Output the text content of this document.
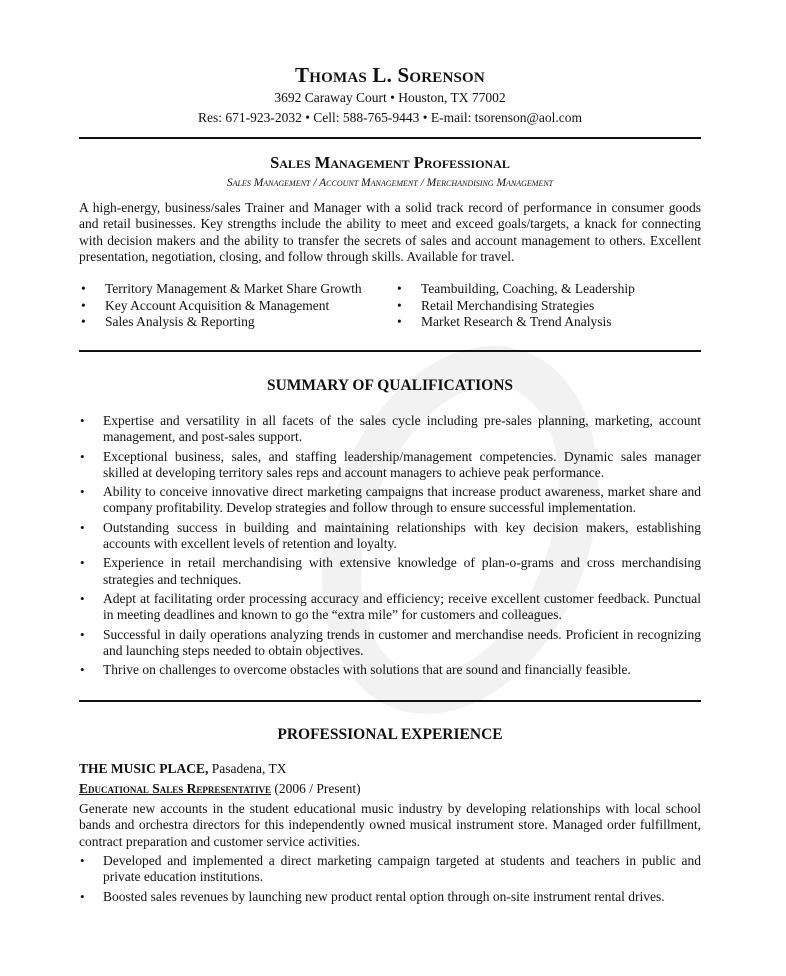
Thomas L. Sorenson
3692 Caraway Court • Houston, TX 77002
Res: 671-923-2032 • Cell: 588-765-9443 • E-mail: tsorenson@aol.com
Sales Management Professional
Sales Management / Account Management / Merchandising Management
A high-energy, business/sales Trainer and Manager with a solid track record of performance in consumer goods and retail businesses. Key strengths include the ability to meet and exceed goals/targets, a knack for connecting with decision makers and the ability to transfer the secrets of sales and account management to others. Excellent presentation, negotiation, closing, and follow through skills. Available for travel.
• Territory Management & Market Share Growth
• Key Account Acquisition & Management
• Sales Analysis & Reporting
• Teambuilding, Coaching, & Leadership
• Retail Merchandising Strategies
• Market Research & Trend Analysis
SUMMARY OF QUALIFICATIONS
• Expertise and versatility in all facets of the sales cycle including pre-sales planning, marketing, account management, and post-sales support.
• Exceptional business, sales, and staffing leadership/management competencies. Dynamic sales manager skilled at developing territory sales reps and account managers to achieve peak performance.
• Ability to conceive innovative direct marketing campaigns that increase product awareness, market share and company profitability. Develop strategies and follow through to ensure successful implementation.
• Outstanding success in building and maintaining relationships with key decision makers, establishing accounts with excellent levels of retention and loyalty.
• Experience in retail merchandising with extensive knowledge of plan-o-grams and cross merchandising strategies and techniques.
• Adept at facilitating order processing accuracy and efficiency; receive excellent customer feedback. Punctual in meeting deadlines and known to go the “extra mile” for customers and colleagues.
• Successful in daily operations analyzing trends in customer and merchandise needs. Proficient in recognizing and launching steps needed to obtain objectives.
• Thrive on challenges to overcome obstacles with solutions that are sound and financially feasible.
PROFESSIONAL EXPERIENCE
THE MUSIC PLACE, Pasadena, TX
Educational Sales Representative (2006 / Present)
Generate new accounts in the student educational music industry by developing relationships with local school bands and orchestra directors for this independently owned musical instrument store. Managed order fulfillment, contract preparation and customer service activities.
• Developed and implemented a direct marketing campaign targeted at students and teachers in public and private education institutions.
• Boosted sales revenues by launching new product rental option through on-site instrument rental drives.
